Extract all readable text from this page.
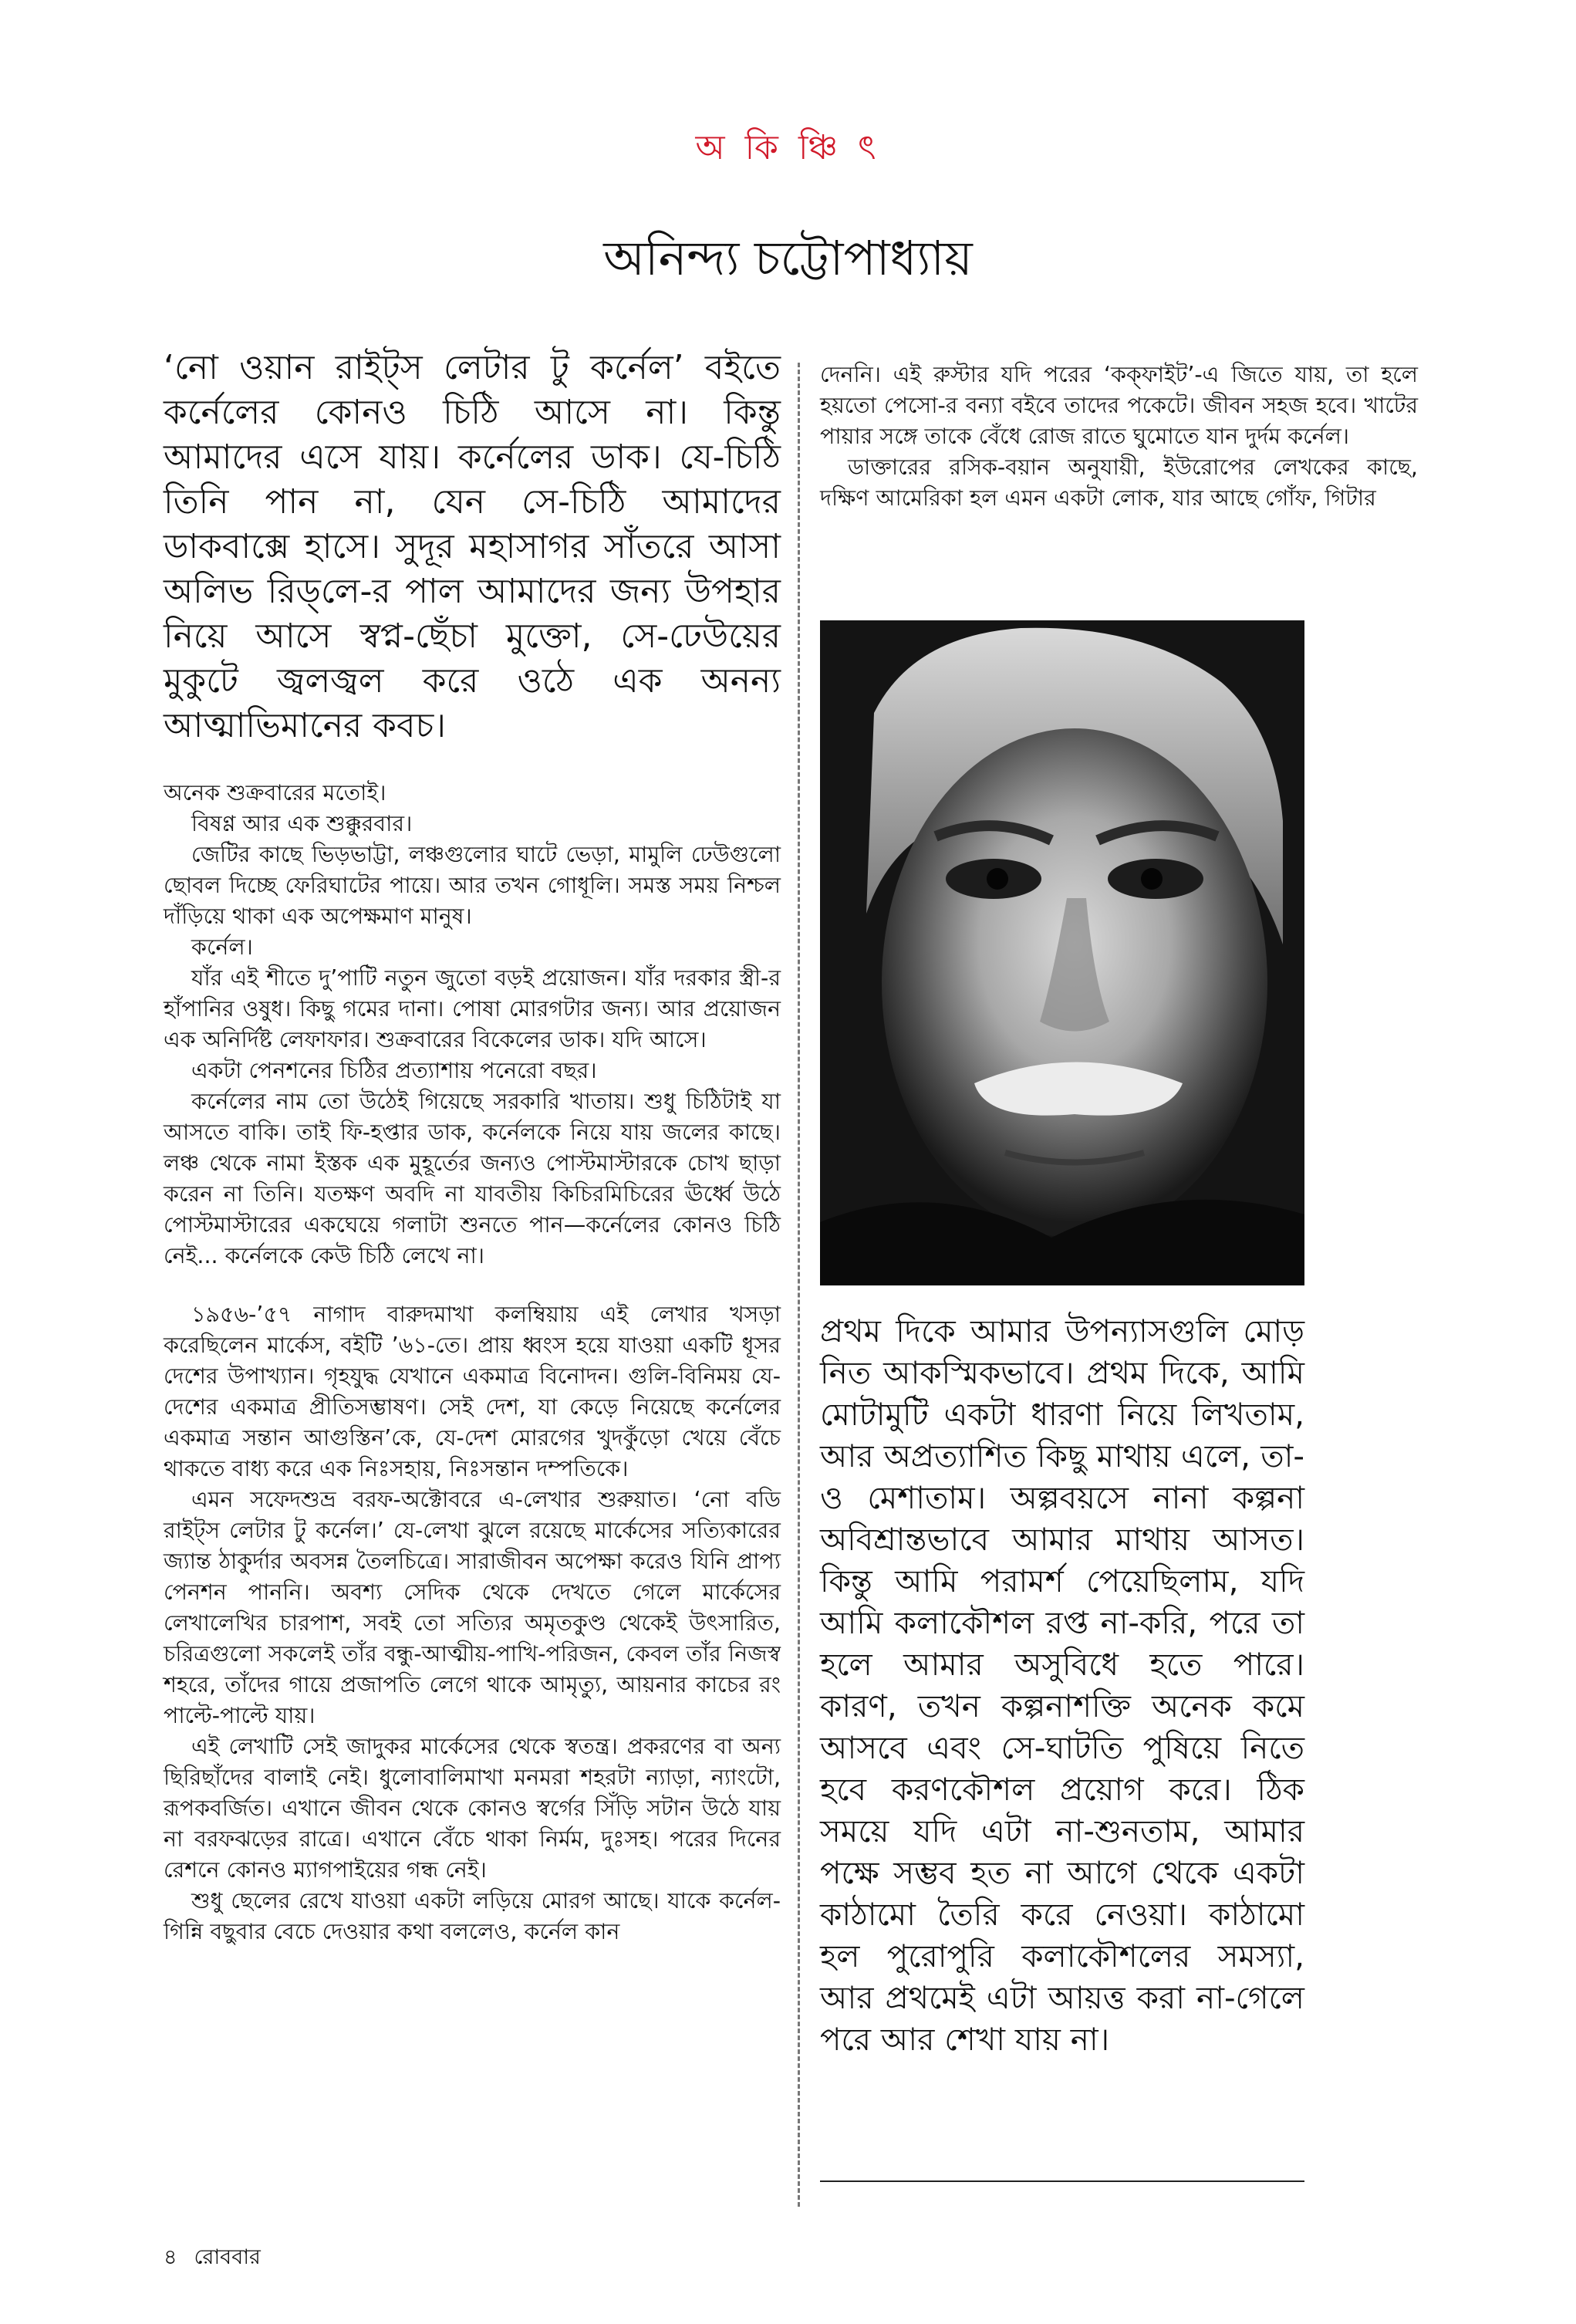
অ কি ঞ্চি ৎ
অনিন্দ্য চট্টোপাধ্যায়

‘নো ওয়ান রাইট্‌স লেটার টু কর্নেল’ বইতে কর্নেলের কোনও চিঠি আসে না। কিন্তু আমাদের এসে যায়। কর্নেলের ডাক। যে-চিঠি তিনি পান না, যেন সে-চিঠি আমাদের ডাকবাক্সে হাসে। সুদূর মহাসাগর সাঁতরে আসা অলিভ রিড্‌লে-র পাল আমাদের জন্য উপহার নিয়ে আসে স্বপ্ন-ছেঁচা মুক্তো, সে-ঢেউয়ের মুকুটে জ্বলজ্বল করে ওঠে এক অনন্য আত্মাভিমানের কবচ।

অনেক শুক্রবারের মতোই।

বিষণ্ণ আর এক শুক্কুরবার।

জেটির কাছে ভিড়ভাট্টা, লঞ্চগুলোর ঘাটে ভেড়া, মামুলি ঢেউগুলো ছোবল দিচ্ছে ফেরিঘাটের পায়ে। আর তখন গোধূলি। সমস্ত সময় নিশ্চল দাঁড়িয়ে থাকা এক অপেক্ষমাণ মানুষ।

কর্নেল।

যাঁর এই শীতে দু’পাটি নতুন জুতো বড়ই প্রয়োজন। যাঁর দরকার স্ত্রী-র হাঁপানির ওষুধ। কিছু গমের দানা। পোষা মোরগটার জন্য। আর প্রয়োজন এক অনির্দিষ্ট লেফাফার। শুক্রবারের বিকেলের ডাক। যদি আসে।

একটা পেনশনের চিঠির প্রত্যাশায় পনেরো বছর।

কর্নেলের নাম তো উঠেই গিয়েছে সরকারি খাতায়। শুধু চিঠিটাই যা আসতে বাকি। তাই ফি-হপ্তার ডাক, কর্নেলকে নিয়ে যায় জলের কাছে। লঞ্চ থেকে নামা ইস্তক এক মুহূর্তের জন্যও পোস্টমাস্টারকে চোখ ছাড়া করেন না তিনি। যতক্ষণ অবদি না যাবতীয় কিচিরমিচিরের ঊর্ধ্বে উঠে পোস্টমাস্টারের একঘেয়ে গলাটা শুনতে পান—কর্নেলের কোনও চিঠি নেই... কর্নেলকে কেউ চিঠি লেখে না।

১৯৫৬-’৫৭ নাগাদ বারুদমাখা কলম্বিয়ায় এই লেখার খসড়া করেছিলেন মার্কেস, বইটি ’৬১-তে। প্রায় ধ্বংস হয়ে যাওয়া একটি ধূসর দেশের উপাখ্যান। গৃহযুদ্ধ যেখানে একমাত্র বিনোদন। গুলি-বিনিময় যে-দেশের একমাত্র প্রীতিসম্ভাষণ। সেই দেশ, যা কেড়ে নিয়েছে কর্নেলের একমাত্র সন্তান আগুস্তিন’কে, যে-দেশ মোরগের খুদকুঁড়ো খেয়ে বেঁচে থাকতে বাধ্য করে এক নিঃসহায়, নিঃসন্তান দম্পতিকে।

এমন সফেদশুভ্র বরফ-অক্টোবরে এ-লেখার শুরুয়াত। ‘নো বডি রাইট্‌স লেটার টু কর্নেল।’ যে-লেখা ঝুলে রয়েছে মার্কেসের সত্যিকারের জ্যান্ত ঠাকুর্দার অবসন্ন তৈলচিত্রে। সারাজীবন অপেক্ষা করেও যিনি প্রাপ্য পেনশন পাননি। অবশ্য সেদিক থেকে দেখতে গেলে মার্কেসের লেখালেখির চারপাশ, সবই তো সত্যির অমৃতকুণ্ড থেকেই উৎসারিত, চরিত্রগুলো সকলেই তাঁর বন্ধু-আত্মীয়-পাখি-পরিজন, কেবল তাঁর নিজস্ব শহরে, তাঁদের গায়ে প্রজাপতি লেগে থাকে আমৃত্যু, আয়নার কাচের রং পাল্টে-পাল্টে যায়।

এই লেখাটি সেই জাদুকর মার্কেসের থেকে স্বতন্ত্র। প্রকরণের বা অন্য ছিরিছাঁদের বালাই নেই। ধুলোবালিমাখা মনমরা শহরটা ন্যাড়া, ন্যাংটো, রূপকবর্জিত। এখানে জীবন থেকে কোনও স্বর্গের সিঁড়ি সটান উঠে যায় না বরফঝড়ের রাত্রে। এখানে বেঁচে থাকা নির্মম, দুঃসহ। পরের দিনের রেশনে কোনও ম্যাগপাইয়ের গন্ধ নেই।

শুধু ছেলের রেখে যাওয়া একটা লড়িয়ে মোরগ আছে। যাকে কর্নেল-গিন্নি বছুবার বেচে দেওয়ার কথা বললেও, কর্নেল কান

দেননি। এই রুস্টার যদি পরের ‘কক্‌ফাইট’-এ জিতে যায়, তা হলে হয়তো পেসো-র বন্যা বইবে তাদের পকেটে। জীবন সহজ হবে। খাটের পায়ার সঙ্গে তাকে বেঁধে রোজ রাতে ঘুমোতে যান দুর্দম কর্নেল।

ডাক্তারের রসিক-বয়ান অনুযায়ী, ইউরোপের লেখকের কাছে, দক্ষিণ আমেরিকা হল এমন একটা লোক, যার আছে গোঁফ, গিটার

প্রথম দিকে আমার উপন্যাসগুলি মোড় নিত আকস্মিকভাবে। প্রথম দিকে, আমি মোটামুটি একটা ধারণা নিয়ে লিখতাম, আর অপ্রত্যাশিত কিছু মাথায় এলে, তা-ও মেশাতাম। অল্পবয়সে নানা কল্পনা অবিশ্রান্তভাবে আমার মাথায় আসত। কিন্তু আমি পরামর্শ পেয়েছিলাম, যদি আমি কলাকৌশল রপ্ত না-করি, পরে তা হলে আমার অসুবিধে হতে পারে। কারণ, তখন কল্পনাশক্তি অনেক কমে আসবে এবং সে-ঘাটতি পুষিয়ে নিতে হবে করণকৌশল প্রয়োগ করে। ঠিক সময়ে যদি এটা না-শুনতাম, আমার পক্ষে সম্ভব হত না আগে থেকে একটা কাঠামো তৈরি করে নেওয়া। কাঠামো হল পুরোপুরি কলাকৌশলের সমস্যা, আর প্রথমেই এটা আয়ত্ত করা না-গেলে পরে আর শেখা যায় না।
৪ রোববার
